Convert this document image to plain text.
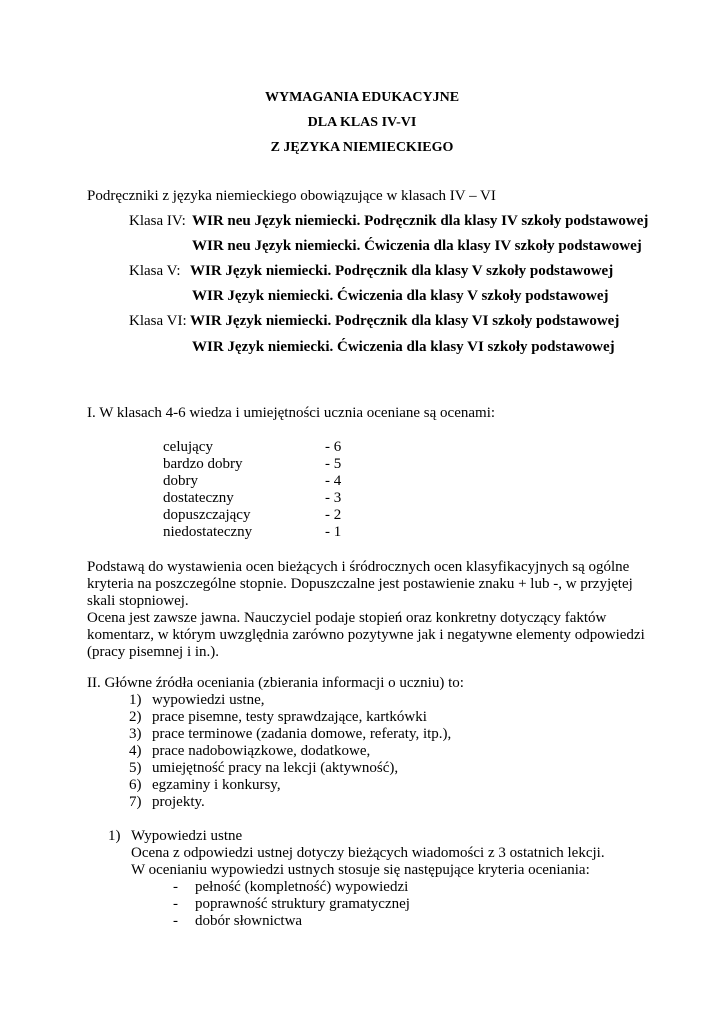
WYMAGANIA EDUKACYJNE
DLA KLAS IV-VI
Z JĘZYKA NIEMIECKIEGO
Podręczniki z języka niemieckiego obowiązujące w klasach IV – VI
Klasa IV: WIR neu Język niemiecki. Podręcznik dla klasy IV szkoły podstawowej
WIR neu Język niemiecki. Ćwiczenia dla klasy IV szkoły podstawowej
Klasa V: WIR Język niemiecki. Podręcznik dla klasy V szkoły podstawowej
WIR Język niemiecki. Ćwiczenia dla klasy V szkoły podstawowej
Klasa VI: WIR Język niemiecki. Podręcznik dla klasy VI szkoły podstawowej
WIR Język niemiecki. Ćwiczenia dla klasy VI szkoły podstawowej
I. W klasach 4-6 wiedza i umiejętności ucznia oceniane są ocenami:
celujący	- 6
bardzo dobry	- 5
dobry	- 4
dostateczny	- 3
dopuszczający	- 2
niedostateczny	- 1
Podstawą do wystawienia ocen bieżących i śródrocznych ocen klasyfikacyjnych są ogólne
kryteria na poszczególne stopnie. Dopuszczalne jest postawienie znaku + lub -, w przyjętej
skali stopniowej.
Ocena jest zawsze jawna. Nauczyciel podaje stopień oraz konkretny dotyczący faktów
komentarz, w którym uwzględnia zarówno pozytywne jak i negatywne elementy odpowiedzi
(pracy pisemnej i in.).
II. Główne źródła oceniania (zbierania informacji o uczniu) to:
1) wypowiedzi ustne,
2) prace pisemne, testy sprawdzające, kartkówki
3) prace terminowe (zadania domowe, referaty, itp.),
4) prace nadobowiązkowe, dodatkowe,
5) umiejętność pracy na lekcji (aktywność),
6) egzaminy i konkursy,
7) projekty.
1) Wypowiedzi ustne
Ocena z odpowiedzi ustnej dotyczy bieżących wiadomości z 3 ostatnich lekcji.
W ocenianiu wypowiedzi ustnych stosuje się następujące kryteria oceniania:
- pełność (kompletność) wypowiedzi
- poprawność struktury gramatycznej
- dobór słownictwa
